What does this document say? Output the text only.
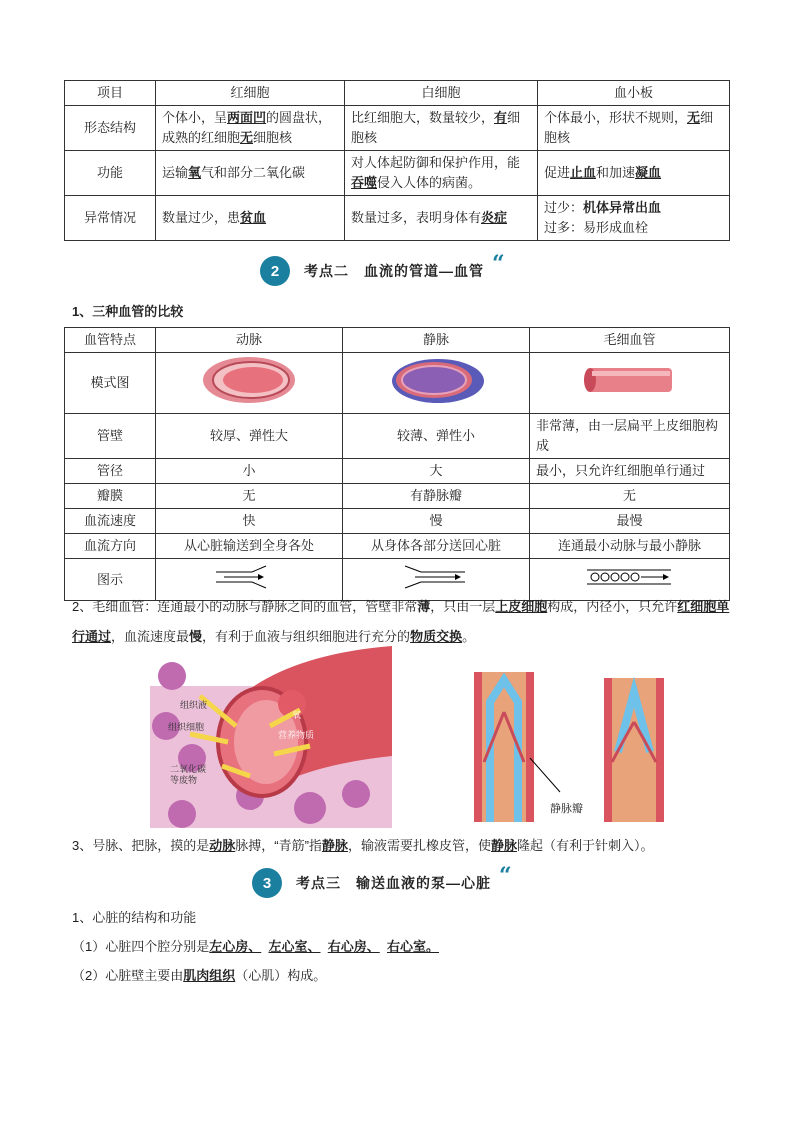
项目	红细胞	白细胞	血小板
形态结构	个体小，呈两面凹的圆盘状，成熟的红细胞无细胞核	比红细胞大，数量较少，有细胞核	个体最小，形状不规则，无细胞核
功能	运输氧气和部分二氧化碳	对人体起防御和保护作用，能吞噬侵入人体的病菌。	促进止血和加速凝血
异常情况	数量过少，患贫血	数量过多，表明身体有炎症	过少：机体异常出血
过多：易形成血栓
2	考点二　血流的管道—血管 “
1、三种血管的比较
血管特点	动脉	静脉	毛细血管
模式图			
管壁	较厚、弹性大	较薄、弹性小	非常薄，由一层扁平上皮细胞构成
管径	小	大	最小，只允许红细胞单行通过
瓣膜	无	有静脉瓣	无
血流速度	快	慢	最慢
血流方向	从心脏输送到全身各处	从身体各部分送回心脏	连通最小动脉与最小静脉
图示			
2、毛细血管：连通最小的动脉与静脉之间的血管，管壁非常薄，只由一层上皮细胞构成，内径小，只允许红细胞单行通过，血流速度最慢，有利于血液与组织细胞进行充分的物质交换。
组织液
组织细胞
二氧化碳
等废物
氧
营养物质
静脉瓣
3、号脉、把脉，摸的是动脉脉搏，“青筋”指静脉，输液需要扎橡皮管，使静脉隆起（有利于针刺入）。
3	考点三　输送血液的泵—心脏 “
1、心脏的结构和功能
（1）心脏四个腔分别是左心房、 左心室、 右心房、 右心室。
（2）心脏壁主要由肌肉组织（心肌）构成。
